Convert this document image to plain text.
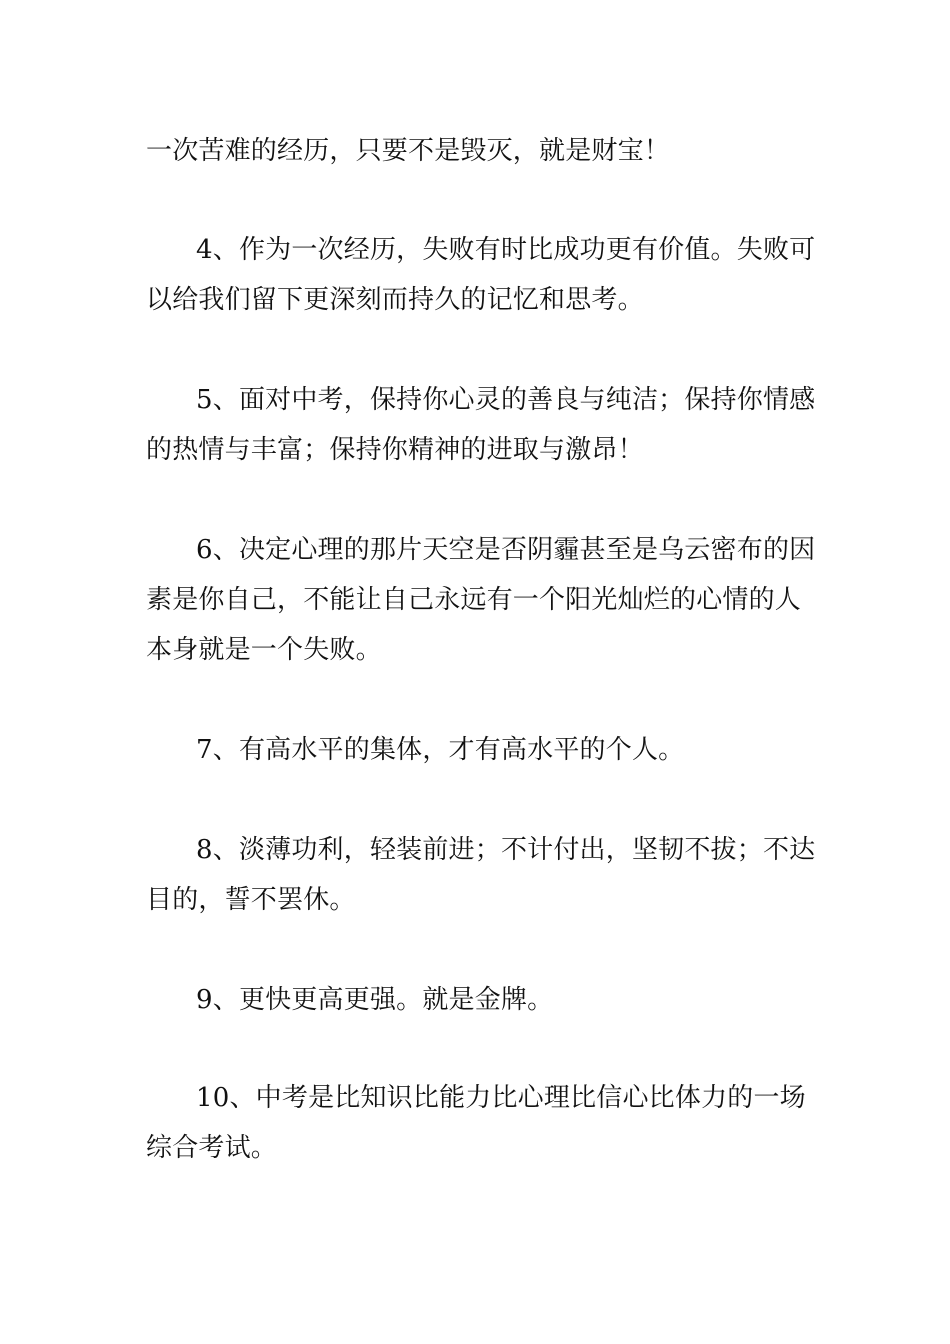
一次苦难的经历，只要不是毁灭，就是财宝！
4、作为一次经历，失败有时比成功更有价值。失败可
以给我们留下更深刻而持久的记忆和思考。
5、面对中考，保持你心灵的善良与纯洁；保持你情感
的热情与丰富；保持你精神的进取与激昂！
6、决定心理的那片天空是否阴霾甚至是乌云密布的因
素是你自己，不能让自己永远有一个阳光灿烂的心情的人
本身就是一个失败。
7、有高水平的集体，才有高水平的个人。
8、淡薄功利，轻装前进；不计付出，坚韧不拔；不达
目的，誓不罢休。
9、更快更高更强。就是金牌。
10、中考是比知识比能力比心理比信心比体力的一场
综合考试。
